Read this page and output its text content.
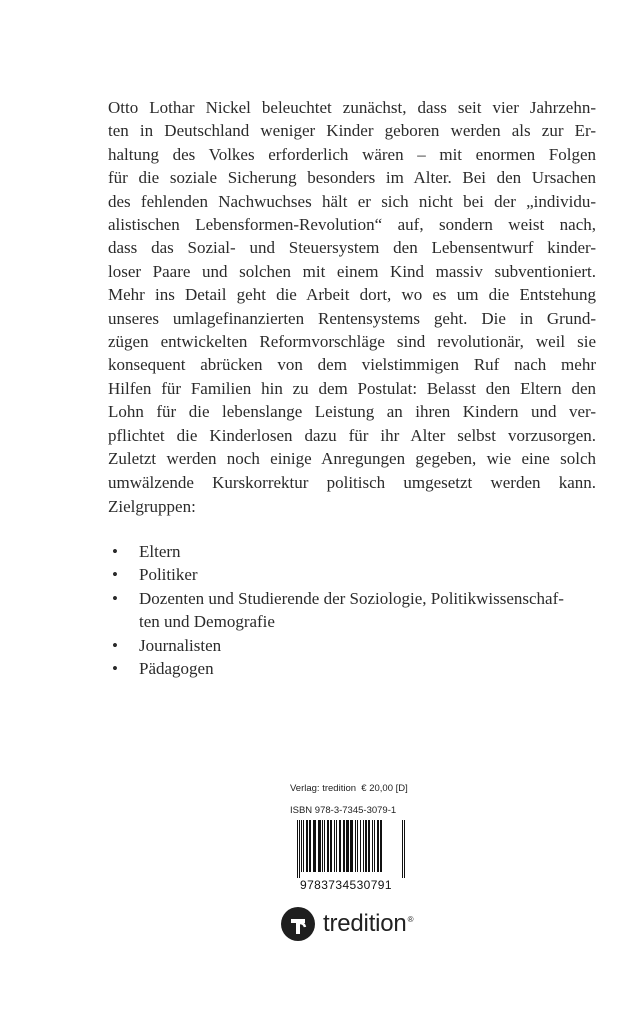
Otto Lothar Nickel beleuchtet zunächst, dass seit vier Jahrzehn-
ten in Deutschland weniger Kinder geboren werden als zur Er-
haltung des Volkes erforderlich wären – mit enormen Folgen
für die soziale Sicherung besonders im Alter. Bei den Ursachen
des fehlenden Nachwuchses hält er sich nicht bei der „individu-
alistischen Lebensformen-Revolution“ auf, sondern weist nach,
dass das Sozial- und Steuersystem den Lebensentwurf kinder-
loser Paare und solchen mit einem Kind massiv subventioniert.
Mehr ins Detail geht die Arbeit dort, wo es um die Entstehung
unseres umlagefinanzierten Rentensystems geht. Die in Grund-
zügen entwickelten Reformvorschläge sind revolutionär, weil sie
konsequent abrücken von dem vielstimmigen Ruf nach mehr
Hilfen für Familien hin zu dem Postulat: Belasst den Eltern den
Lohn für die lebenslange Leistung an ihren Kindern und ver-
pflichtet die Kinderlosen dazu für ihr Alter selbst vorzusorgen.
Zuletzt werden noch einige Anregungen gegeben, wie eine solch
umwälzende Kurskorrektur politisch umgesetzt werden kann.

Zielgruppen:

• Eltern
• Politiker
• Dozenten und Studierende der Soziologie, Politikwissenschaf-
ten und Demografie
• Journalisten
• Pädagogen
Verlag: tredition € 20,00 [D]
ISBN 978-3-7345-3079-1
9783734530791
tredition®
